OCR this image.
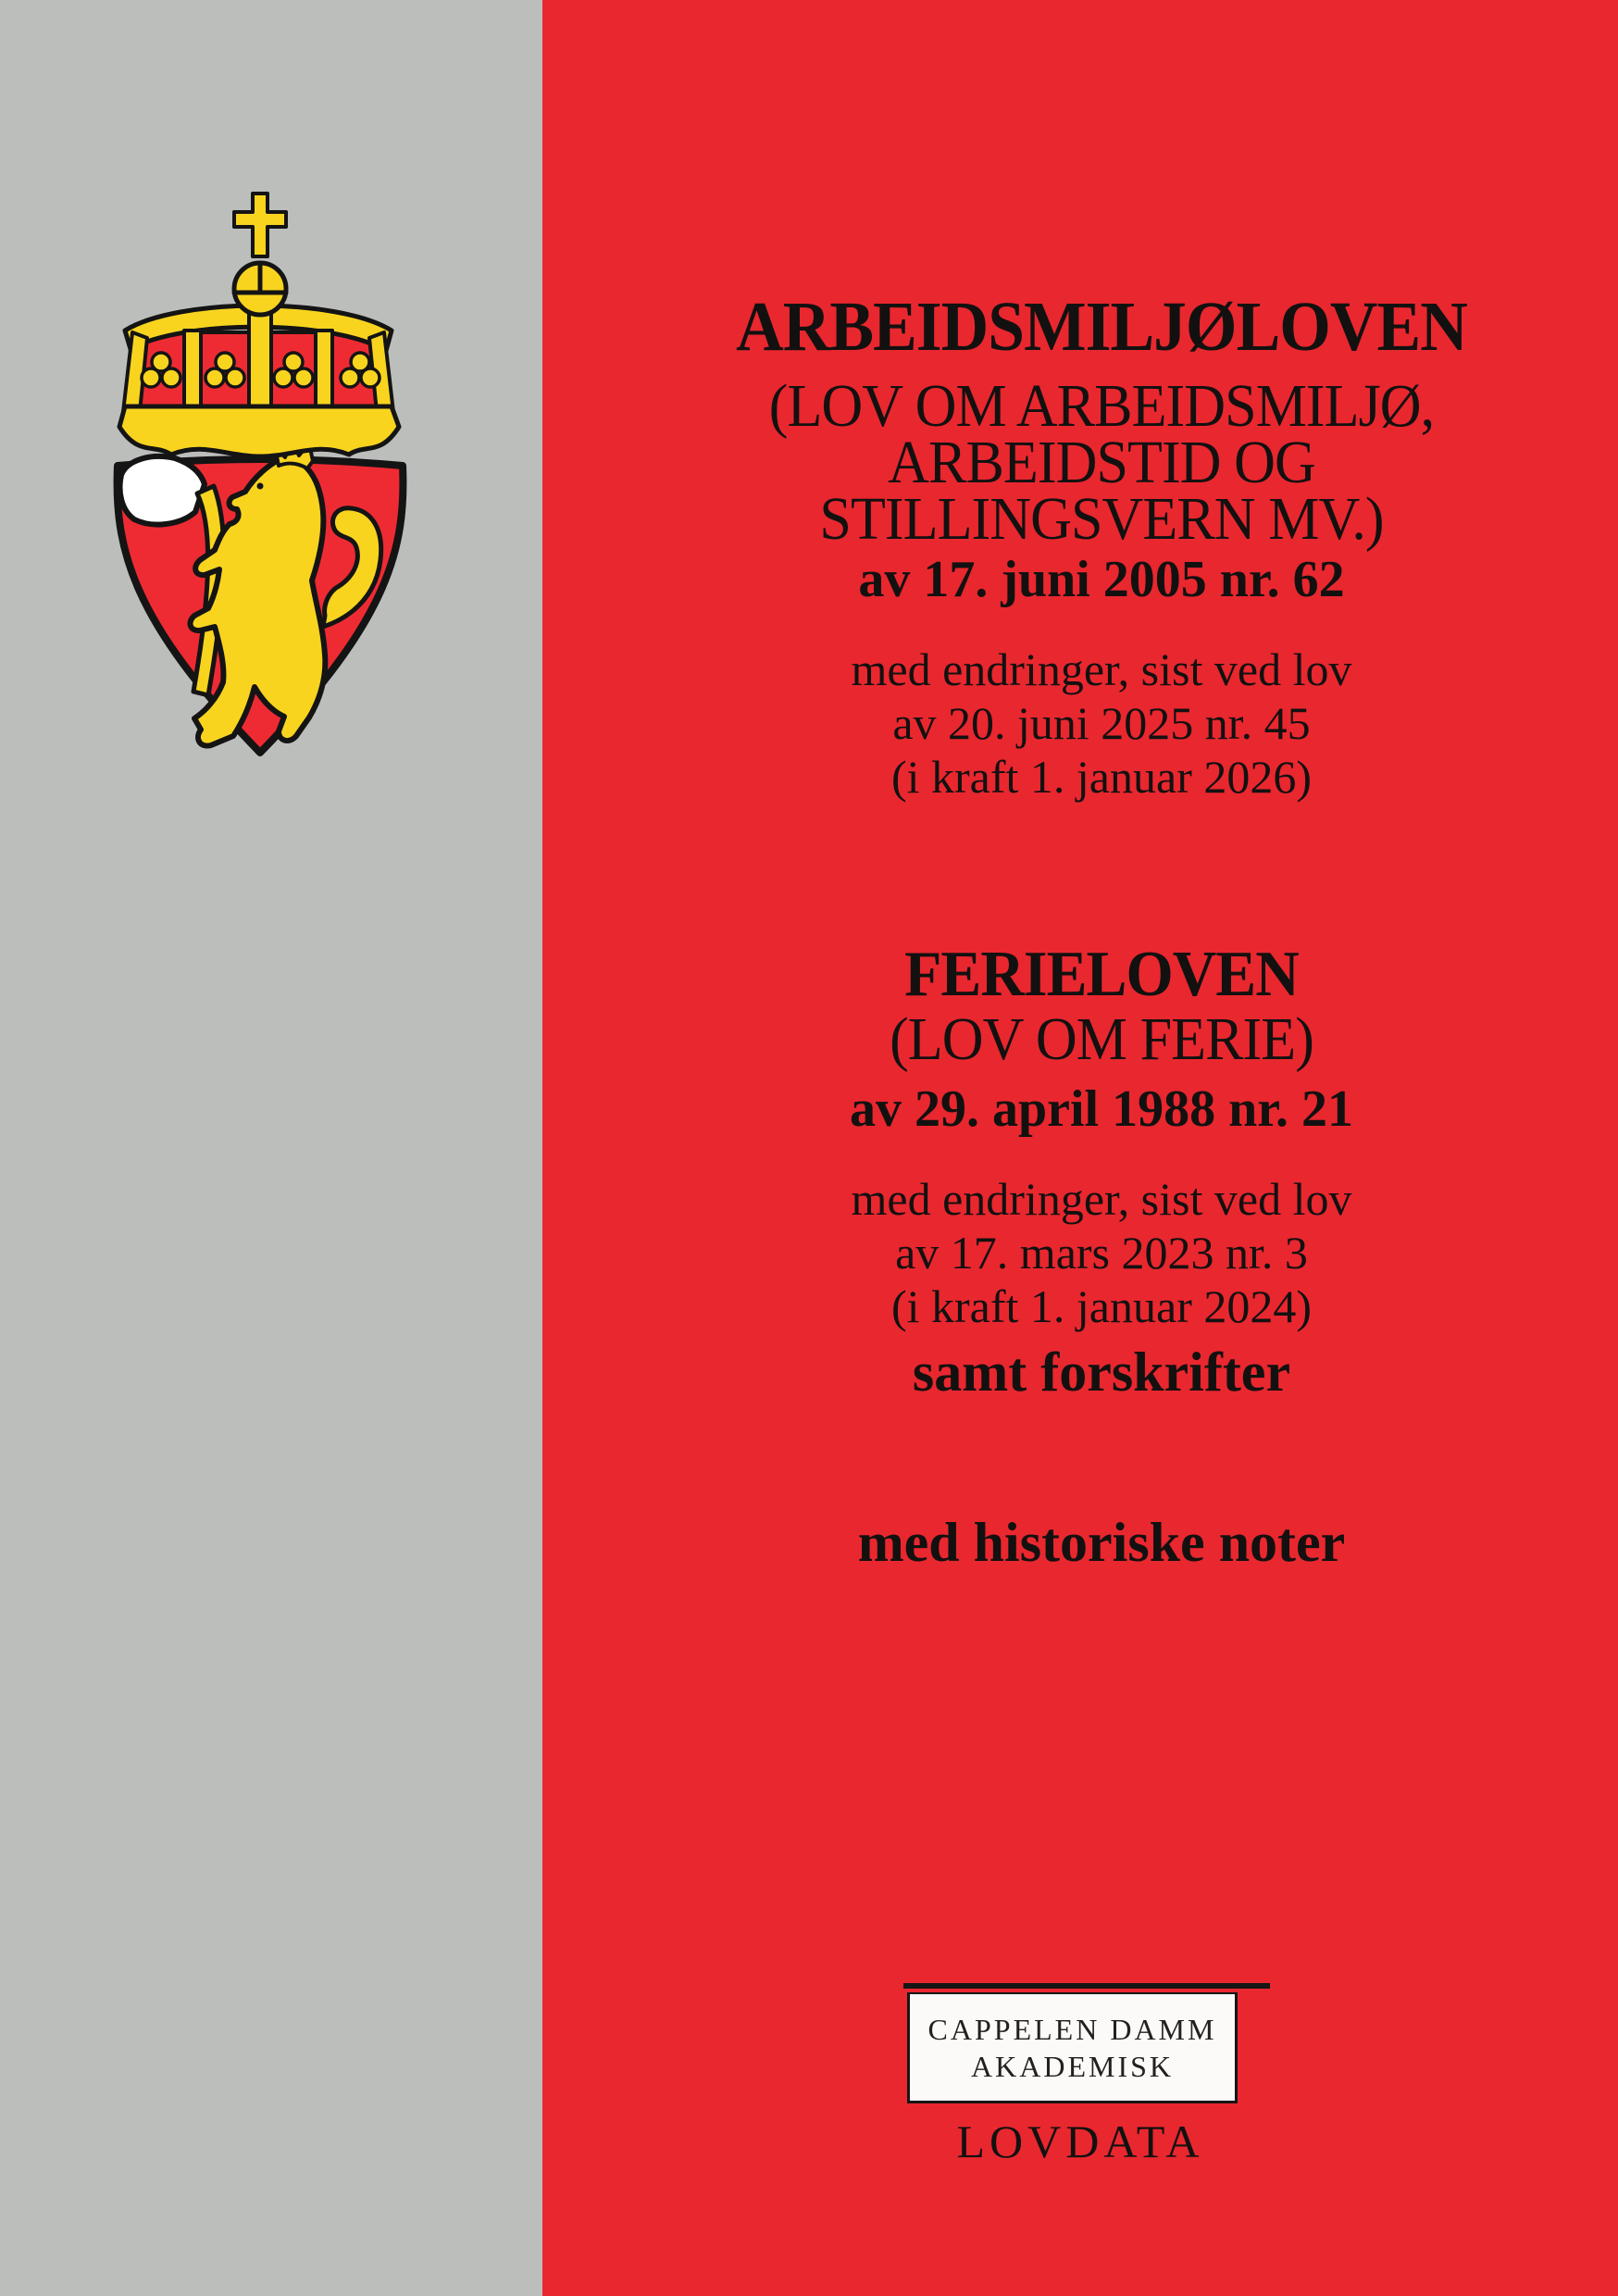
ARBEIDSMILJØLOVEN
(LOV OM ARBEIDSMILJØ,
ARBEIDSTID OG
STILLINGSVERN MV.)
av 17. juni 2005 nr. 62
med endringer, sist ved lov
av 20. juni 2025 nr. 45
(i kraft 1. januar 2026)
FERIELOVEN
(LOV OM FERIE)
av 29. april 1988 nr. 21
med endringer, sist ved lov
av 17. mars 2023 nr. 3
(i kraft 1. januar 2024)
samt forskrifter
med historiske noter
CAPPELEN DAMM
AKADEMISK
LOVDATA
